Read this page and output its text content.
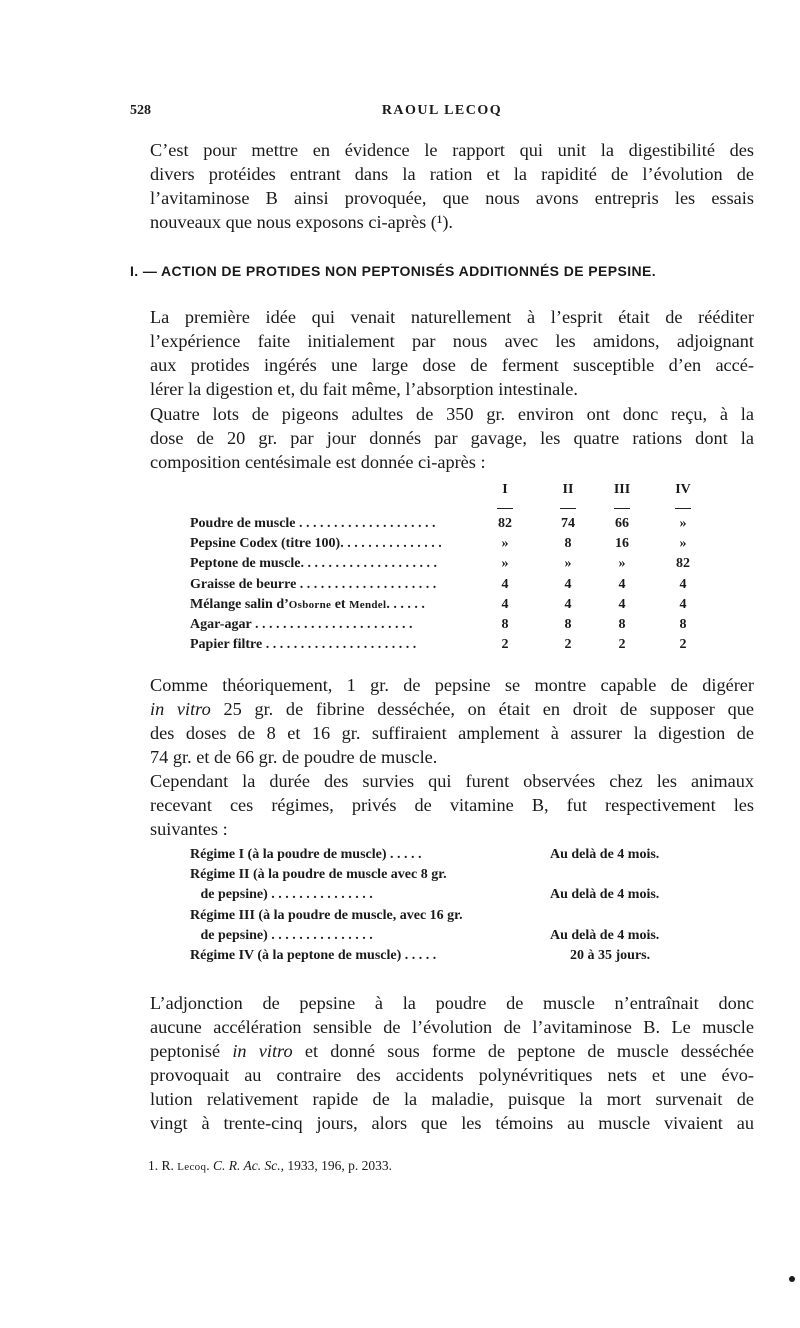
528	RAOUL LECOQ
C’est pour mettre en évidence le rapport qui unit la digestibilité des
divers protéides entrant dans la ration et la rapidité de l’évolution de
l’avitaminose B ainsi provoquée, que nous avons entrepris les essais
nouveaux que nous exposons ci-après (¹).
I. — ACTION DE PROTIDES NON PEPTONISÉS ADDITIONNÉS DE PEPSINE.
La première idée qui venait naturellement à l’esprit était de rééditer
l’expérience faite initialement par nous avec les amidons, adjoignant
aux protides ingérés une large dose de ferment susceptible d’en accé-
lérer la digestion et, du fait même, l’absorption intestinale.
Quatre lots de pigeons adultes de 350 gr. environ ont donc reçu, à la
dose de 20 gr. par jour donnés par gavage, les quatre rations dont la
composition centésimale est donnée ci-après :
I	II	III	IV
Poudre de muscle . . . . . . . . . . . . . . . . . . . .	82	74	66	»
Pepsine Codex (titre 100). . . . . . . . . . . . . . .	»	8	16	»
Peptone de muscle. . . . . . . . . . . . . . . . . . . .	»	»	»	82
Graisse de beurre . . . . . . . . . . . . . . . . . . . .	4	4	4	4
Mélange salin d’Osborne et Mendel. . . . . .	4	4	4	4
Agar-agar . . . . . . . . . . . . . . . . . . . . . . .	8	8	8	8
Papier filtre . . . . . . . . . . . . . . . . . . . . . .	2	2	2	2
Comme théoriquement, 1 gr. de pepsine se montre capable de digérer
in vitro 25 gr. de fibrine desséchée, on était en droit de supposer que
des doses de 8 et 16 gr. suffiraient amplement à assurer la digestion de
74 gr. et de 66 gr. de poudre de muscle.
Cependant la durée des survies qui furent observées chez les animaux
recevant ces régimes, privés de vitamine B, fut respectivement les
suivantes :
Régime I (à la poudre de muscle) . . . . .	Au delà de 4 mois.
Régime II (à la poudre de muscle avec 8 gr.
de pepsine) . . . . . . . . . . . . . . .	Au delà de 4 mois.
Régime III (à la poudre de muscle, avec 16 gr.
de pepsine) . . . . . . . . . . . . . . .	Au delà de 4 mois.
Régime IV (à la peptone de muscle) . . . . .	20 à 35 jours.
L’adjonction de pepsine à la poudre de muscle n’entraînait donc
aucune accélération sensible de l’évolution de l’avitaminose B. Le muscle
peptonisé in vitro et donné sous forme de peptone de muscle desséchée
provoquait au contraire des accidents polynévritiques nets et une évo-
lution relativement rapide de la maladie, puisque la mort survenait de
vingt à trente-cinq jours, alors que les témoins au muscle vivaient au
1. R. Lecoq. C. R. Ac. Sc., 1933, 196, p. 2033.
